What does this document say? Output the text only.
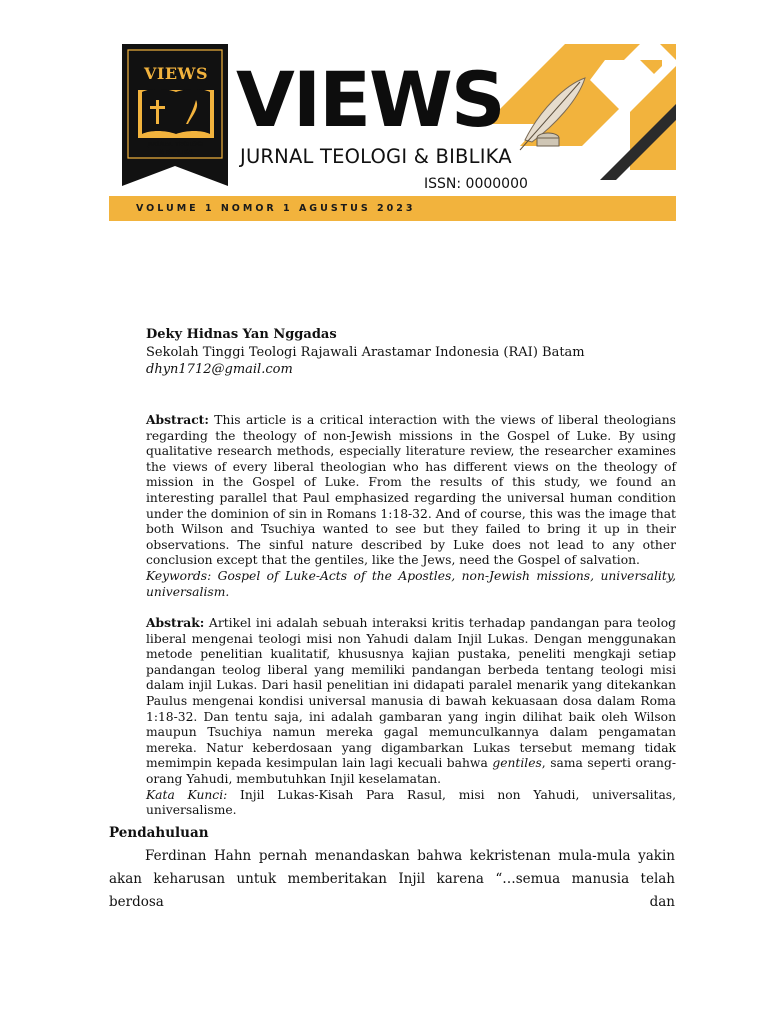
VIEWS
JURNAL TEOLOGI
& BIBLIKA
VIEWS
JURNAL TEOLOGI & BIBLIKA
ISSN: 0000000
VOLUME 1 NOMOR 1 AGUSTUS 2023
Deky Hidnas Yan Nggadas
Sekolah Tinggi Teologi Rajawali Arastamar Indonesia (RAI) Batam
dhyn1712@gmail.com
Abstract: This article is a critical interaction with the views of liberal theologians regarding the theology of non-Jewish missions in the Gospel of Luke. By using qualitative research methods, especially literature review, the researcher examines the views of every liberal theologian who has different views on the theology of mission in the Gospel of Luke. From the results of this study, we found an interesting parallel that Paul emphasized regarding the universal human condition under the dominion of sin in Romans 1:18-32. And of course, this was the image that both Wilson and Tsuchiya wanted to see but they failed to bring it up in their observations. The sinful nature described by Luke does not lead to any other conclusion except that the gentiles, like the Jews, need the Gospel of salvation.
Keywords: Gospel of Luke-Acts of the Apostles, non-Jewish missions, universality, universalism.
Abstrak: Artikel ini adalah sebuah interaksi kritis terhadap pandangan para teolog liberal mengenai teologi misi non Yahudi dalam Injil Lukas. Dengan menggunakan metode penelitian kualitatif, khususnya kajian pustaka, peneliti mengkaji setiap pandangan teolog liberal yang memiliki pandangan berbeda tentang teologi misi dalam injil Lukas. Dari hasil penelitian ini didapati paralel menarik yang ditekankan Paulus mengenai kondisi universal manusia di bawah kekuasaan dosa dalam Roma 1:18-32. Dan tentu saja, ini adalah gambaran yang ingin dilihat baik oleh Wilson maupun Tsuchiya namun mereka gagal memunculkannya dalam pengamatan mereka. Natur keberdosaan yang digambarkan Lukas tersebut memang tidak memimpin kepada kesimpulan lain lagi kecuali bahwa gentiles, sama seperti orang-orang Yahudi, membutuhkan Injil keselamatan.
Kata Kunci: Injil Lukas-Kisah Para Rasul, misi non Yahudi, universalitas, universalisme.
Pendahuluan
Ferdinan Hahn pernah menandaskan bahwa kekristenan mula-mula yakin akan keharusan untuk memberitakan Injil karena “…semua manusia telah berdosa dan
